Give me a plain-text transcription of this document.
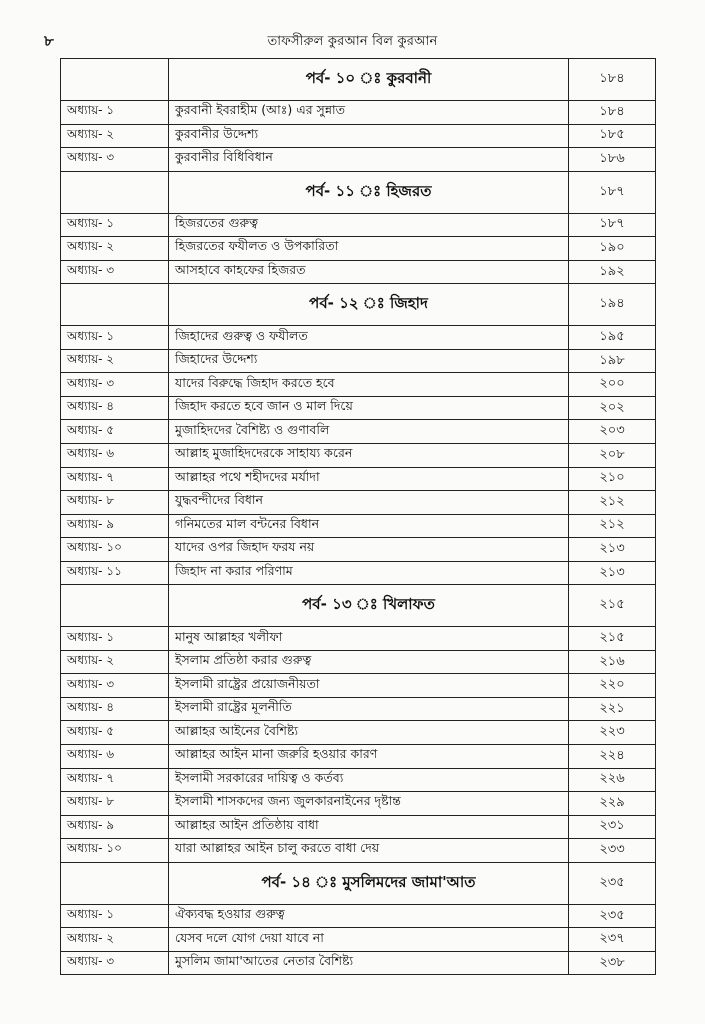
৮	তাফসীরুল কুরআন বিল কুরআন
	পর্ব- ১০ ঃ কুরবানী	১৮৪
অধ্যায়- ১	কুরবানী ইবরাহীম (আঃ) এর সুন্নাত	১৮৪
অধ্যায়- ২	কুরবানীর উদ্দেশ্য	১৮৫
অধ্যায়- ৩	কুরবানীর বিধিবিধান	১৮৬
	পর্ব- ১১ ঃ হিজরত	১৮৭
অধ্যায়- ১	হিজরতের গুরুত্ব	১৮৭
অধ্যায়- ২	হিজরতের ফযীলত ও উপকারিতা	১৯০
অধ্যায়- ৩	আসহাবে কাহফের হিজরত	১৯২
	পর্ব- ১২ ঃ জিহাদ	১৯৪
অধ্যায়- ১	জিহাদের গুরুত্ব ও ফযীলত	১৯৫
অধ্যায়- ২	জিহাদের উদ্দেশ্য	১৯৮
অধ্যায়- ৩	যাদের বিরুদ্ধে জিহাদ করতে হবে	২০০
অধ্যায়- ৪	জিহাদ করতে হবে জান ও মাল দিয়ে	২০২
অধ্যায়- ৫	মুজাহিদদের বৈশিষ্ট্য ও গুণাবলি	২০৩
অধ্যায়- ৬	আল্লাহ মুজাহিদদেরকে সাহায্য করেন	২০৮
অধ্যায়- ৭	আল্লাহর পথে শহীদদের মর্যাদা	২১০
অধ্যায়- ৮	যুদ্ধবন্দীদের বিধান	২১২
অধ্যায়- ৯	গনিমতের মাল বন্টনের বিধান	২১২
অধ্যায়- ১০	যাদের ওপর জিহাদ ফরয নয়	২১৩
অধ্যায়- ১১	জিহাদ না করার পরিণাম	২১৩
	পর্ব- ১৩ ঃ খিলাফত	২১৫
অধ্যায়- ১	মানুষ আল্লাহর খলীফা	২১৫
অধ্যায়- ২	ইসলাম প্রতিষ্ঠা করার গুরুত্ব	২১৬
অধ্যায়- ৩	ইসলামী রাষ্ট্রের প্রয়োজনীয়তা	২২০
অধ্যায়- ৪	ইসলামী রাষ্ট্রের মূলনীতি	২২১
অধ্যায়- ৫	আল্লাহর আইনের বৈশিষ্ট্য	২২৩
অধ্যায়- ৬	আল্লাহর আইন মানা জরুরি হওয়ার কারণ	২২৪
অধ্যায়- ৭	ইসলামী সরকারের দায়িত্ব ও কর্তব্য	২২৬
অধ্যায়- ৮	ইসলামী শাসকদের জন্য জুলকারনাইনের দৃষ্টান্ত	২২৯
অধ্যায়- ৯	আল্লাহর আইন প্রতিষ্ঠায় বাধা	২৩১
অধ্যায়- ১০	যারা আল্লাহর আইন চালু করতে বাধা দেয়	২৩৩
	পর্ব- ১৪ ঃ মুসলিমদের জামা'আত	২৩৫
অধ্যায়- ১	ঐক্যবদ্ধ হওয়ার গুরুত্ব	২৩৫
অধ্যায়- ২	যেসব দলে যোগ দেয়া যাবে না	২৩৭
অধ্যায়- ৩	মুসলিম জামা'আতের নেতার বৈশিষ্ট্য	২৩৮
